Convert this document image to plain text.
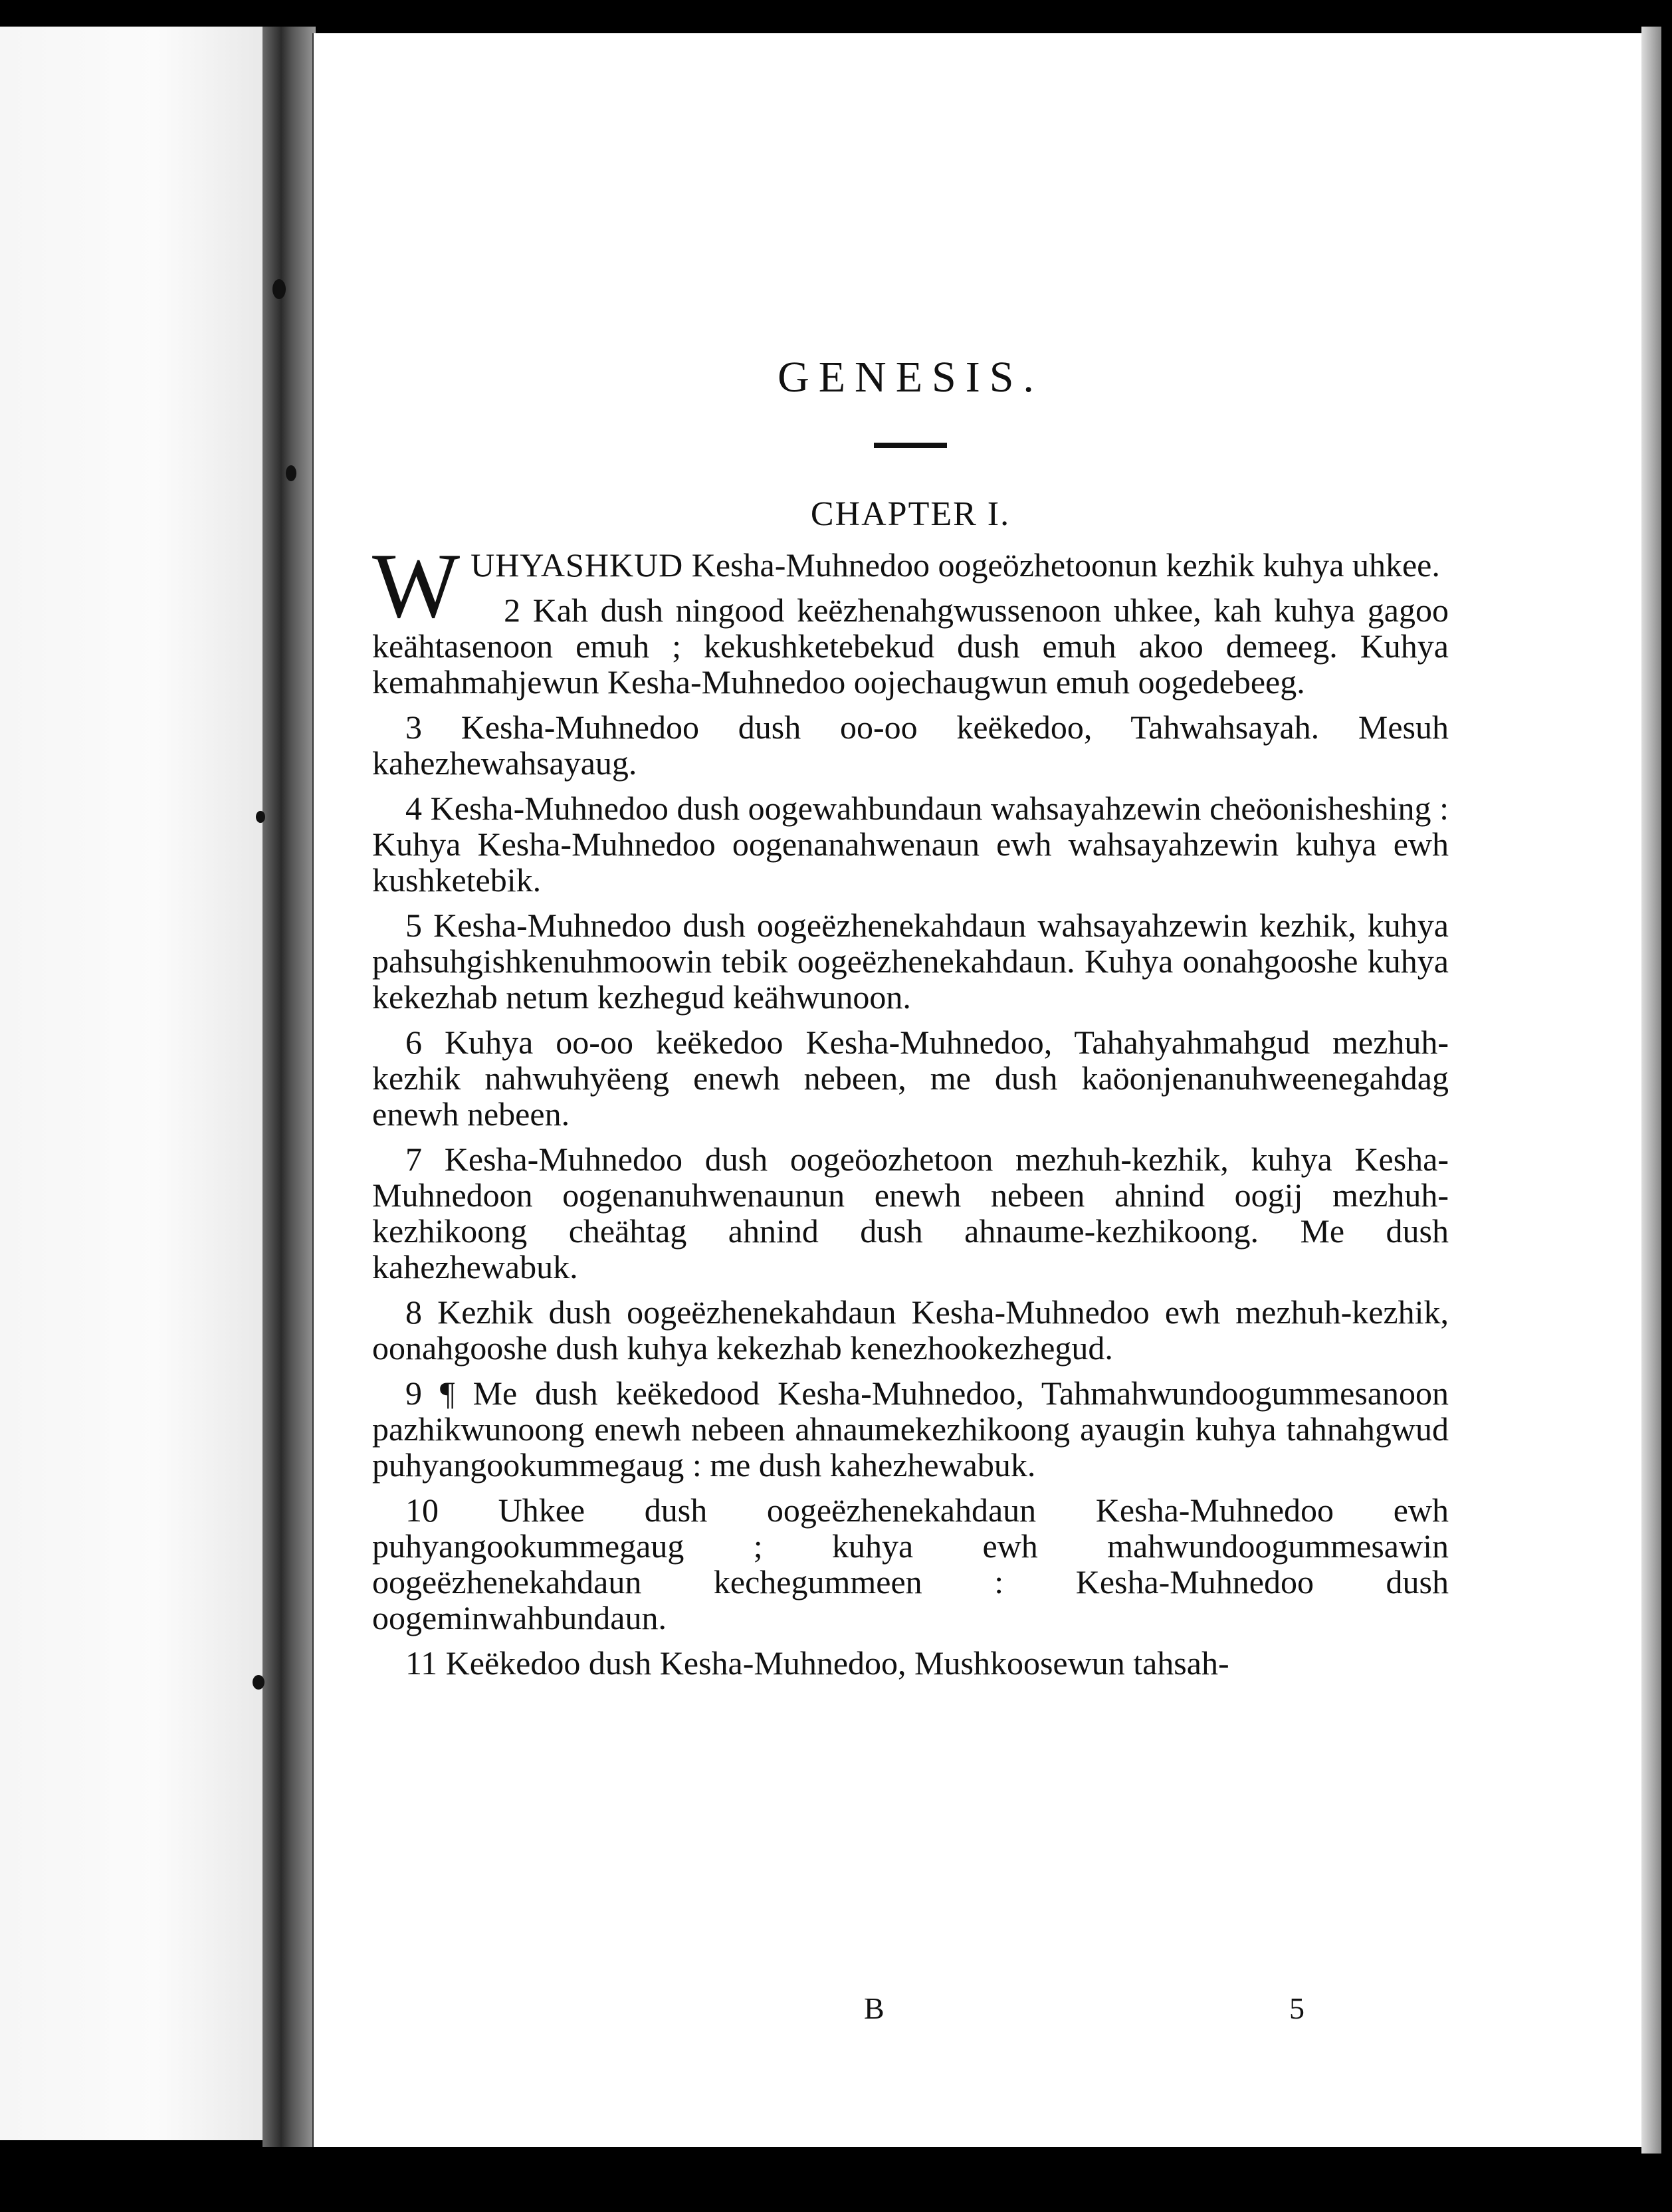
GENESIS.
CHAPTER I.

WUHYASHKUD Kesha-Muhnedoo oogeözhetoonun kezhik kuhya uhkee.

2 Kah dush ningood keëzhenahgwussenoon uhkee, kah kuhya gagoo keähtasenoon emuh ; kekushketebekud dush emuh akoo demeeg. Kuhya kemahmahjewun Kesha-Muhnedoo oojechaugwun emuh oogedebeeg.

3 Kesha-Muhnedoo dush oo-oo keëkedoo, Tahwahsayah. Mesuh kahezhewahsayaug.

4 Kesha-Muhnedoo dush oogewahbundaun wahsayahzewin cheöonisheshing : Kuhya Kesha-Muhnedoo oogenanahwenaun ewh wahsayahzewin kuhya ewh kushketebik.

5 Kesha-Muhnedoo dush oogeëzhenekahdaun wahsayahzewin kezhik, kuhya pahsuhgishkenuhmoowin tebik oogeëzhenekahdaun. Kuhya oonahgooshe kuhya kekezhab netum kezhegud keähwunoon.

6 Kuhya oo-oo keëkedoo Kesha-Muhnedoo, Tahahyahmahgud mezhuh-kezhik nahwuhyëeng enewh nebeen, me dush kaöonjenanuhweenegahdag enewh nebeen.

7 Kesha-Muhnedoo dush oogeöozhetoon mezhuh-kezhik, kuhya Kesha-Muhnedoon oogenanuhwenaunun enewh nebeen ahnind oogij mezhuh-kezhikoong cheähtag ahnind dush ahnaume-kezhikoong. Me dush kahezhewabuk.

8 Kezhik dush oogeëzhenekahdaun Kesha-Muhnedoo ewh mezhuh-kezhik, oonahgooshe dush kuhya kekezhab kenezhookezhegud.

9 ¶ Me dush keëkedood Kesha-Muhnedoo, Tahmahwundoogummesanoon pazhikwunoong enewh nebeen ahnaumekezhikoong ayaugin kuhya tahnahgwud puhyangookummegaug : me dush kahezhewabuk.

10 Uhkee dush oogeëzhenekahdaun Kesha-Muhnedoo ewh puhyangookummegaug ; kuhya ewh mahwundoogummesawin oogeëzhenekahdaun kechegummeen : Kesha-Muhnedoo dush oogeminwahbundaun.

11 Keëkedoo dush Kesha-Muhnedoo, Mushkoosewun tahsah-

B	5
